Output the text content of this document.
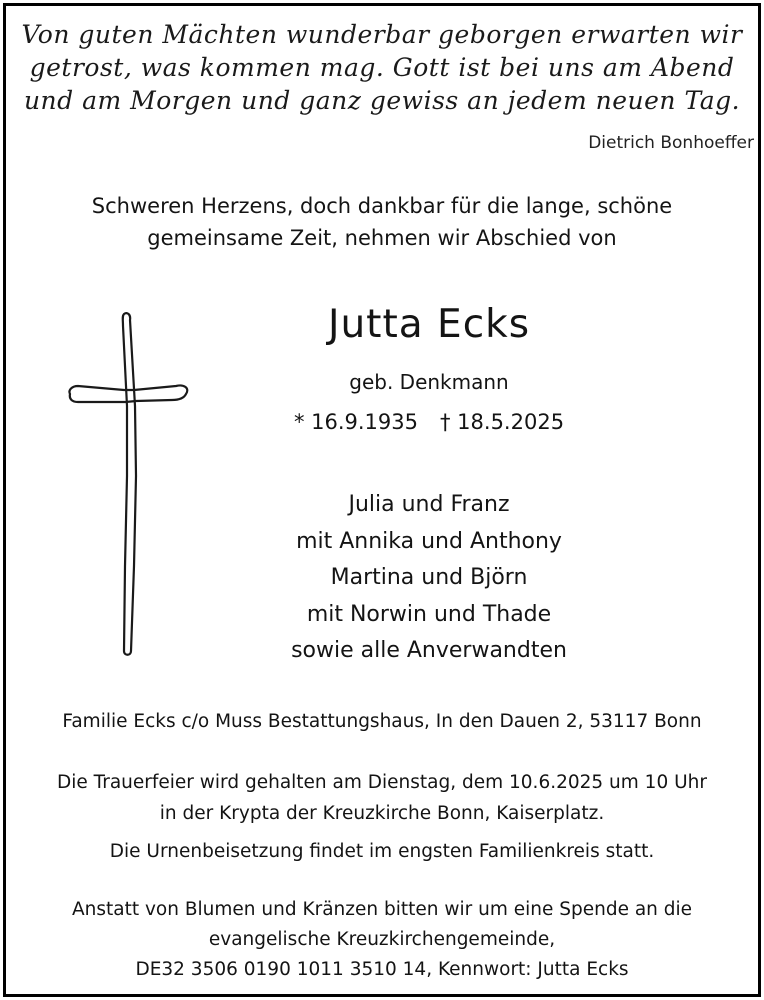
Von guten Mächten wunderbar geborgen erwarten wir
getrost, was kommen mag. Gott ist bei uns am Abend
und am Morgen und ganz gewiss an jedem neuen Tag.
Dietrich Bonhoeffer
Schweren Herzens, doch dankbar für die lange, schöne
gemeinsame Zeit, nehmen wir Abschied von
Jutta Ecks
geb. Denkmann
* 16.9.1935 † 18.5.2025
Julia und Franz
mit Annika und Anthony
Martina und Björn
mit Norwin und Thade
sowie alle Anverwandten
Familie Ecks c/o Muss Bestattungshaus, In den Dauen 2, 53117 Bonn
Die Trauerfeier wird gehalten am Dienstag, dem 10.6.2025 um 10 Uhr
in der Krypta der Kreuzkirche Bonn, Kaiserplatz.
Die Urnenbeisetzung findet im engsten Familienkreis statt.
Anstatt von Blumen und Kränzen bitten wir um eine Spende an die
evangelische Kreuzkirchengemeinde,
DE32 3506 0190 1011 3510 14, Kennwort: Jutta Ecks
